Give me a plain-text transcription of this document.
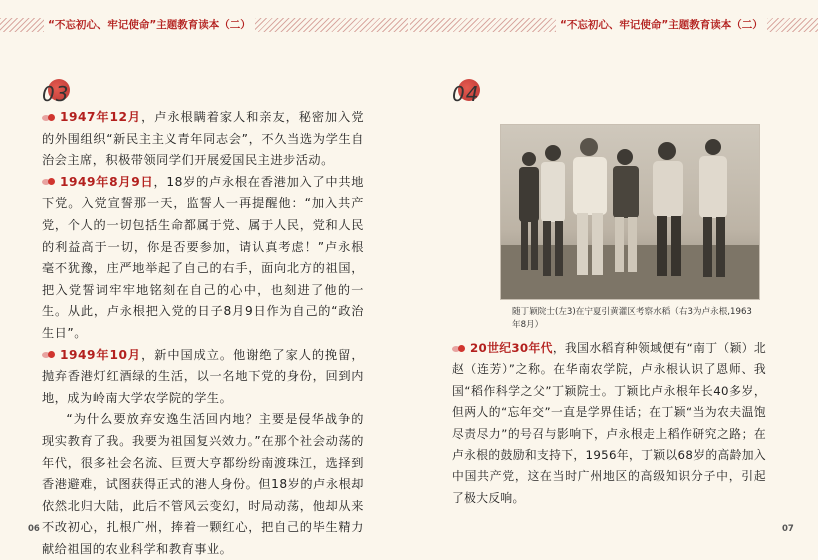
“不忘初心、牢记使命”主题教育读本（二）	“不忘初心、牢记使命”主题教育读本（二）
03

1947年12月，卢永根瞒着家人和亲友，秘密加入党的外围组织“新民主主义青年同志会”，不久当选为学生自治会主席，积极带领同学们开展爱国民主进步活动。

1949年8月9日，18岁的卢永根在香港加入了中共地下党。入党宣誓那一天，监誓人一再提醒他：“加入共产党，个人的一切包括生命都属于党、属于人民，党和人民的利益高于一切，你是否要参加，请认真考虑！”卢永根毫不犹豫，庄严地举起了自己的右手，面向北方的祖国，把入党誓词牢牢地铭刻在自己的心中，也刻进了他的一生。从此，卢永根把入党的日子8月9日作为自己的“政治生日”。

1949年10月，新中国成立。他谢绝了家人的挽留，抛弃香港灯红酒绿的生活，以一名地下党的身份，回到内地，成为岭南大学农学院的学生。

“为什么要放弃安逸生活回内地？主要是侵华战争的现实教育了我。我要为祖国复兴效力。”在那个社会动荡的年代，很多社会名流、巨贾大亨都纷纷南渡珠江，选择到香港避难，试图获得正式的港人身份。但18岁的卢永根却依然北归大陆，此后不管风云变幻，时局动荡，他却从来不改初心，扎根广州，捧着一颗红心，把自己的毕生精力献给祖国的农业科学和教育事业。

06
04
随丁颖院士(左3)在宁夏引黄灌区考察水稻（右3为卢永根,1963年8月）

20世纪30年代，我国水稻育种领域便有“南丁（颖）北赵（连芳）”之称。在华南农学院，卢永根认识了恩师、我国“稻作科学之父”丁颖院士。丁颖比卢永根年长40多岁，但两人的“忘年交”一直是学界佳话；在丁颖“当为农夫温饱尽责尽力”的号召与影响下，卢永根走上稻作研究之路；在卢永根的鼓励和支持下，1956年，丁颖以68岁的高龄加入中国共产党，这在当时广州地区的高级知识分子中，引起了极大反响。

07
